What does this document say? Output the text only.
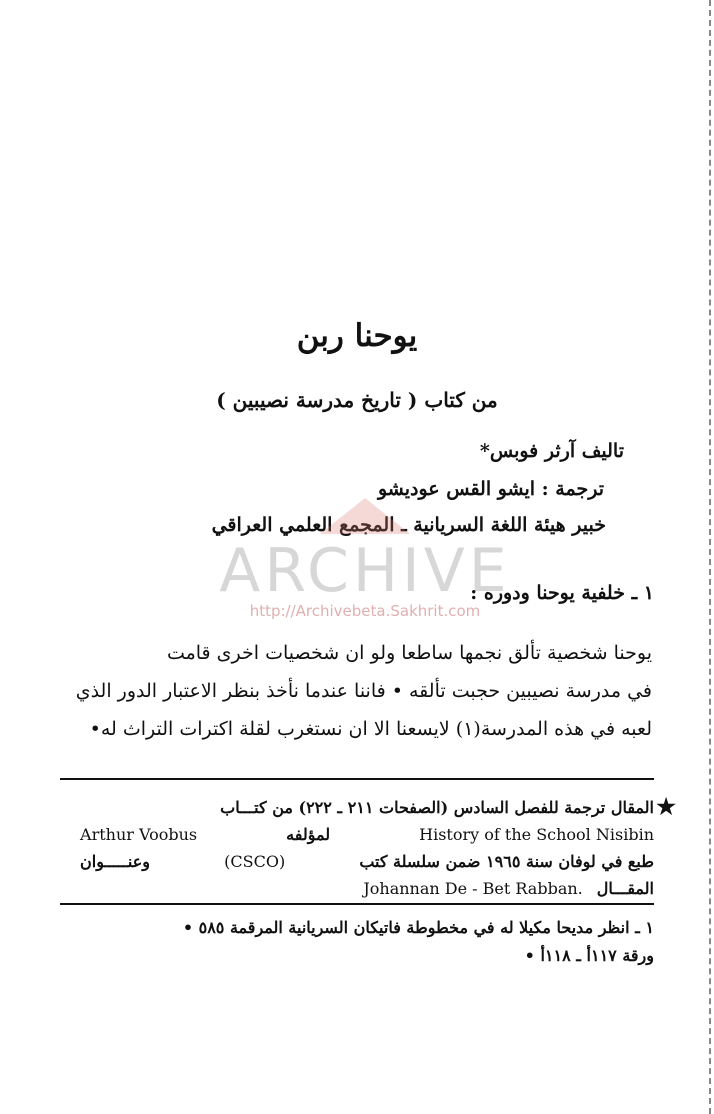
يوحنا ربن
من كتاب ( تاريخ مدرسة نصيبين )
تاليف آرثر فوبس*
ترجمة : ايشو القس عوديشو
خبير هيئة اللغة السريانية ـ المجمع العلمي العراقي
ARCHIVE
http://Archivebeta.Sakhrit.com
١ ـ خلفية يوحنا ودوره :

يوحنا شخصية تألق نجمها ساطعا ولو ان شخصيات اخرى قامت

في مدرسة نصيبين حجبت تألقه • فاننا عندما نأخذ بنظر الاعتبار الدور الذي

لعبه في هذه المدرسة(١) لايسعنا الا ان نستغرب لقلة اكترات التراث له•

★
المقال ترجمة للفصل السادس (الصفحات ٢١١ ـ ٢٢٢) من كتـــاب
History of the School Nisibin
لمؤلفه
Arthur Voobus
طبع في لوفان سنة ١٩٦٥ ضمن سلسلة كتب
(CSCO)
وعنـــــوان
المقـــال
Johannan De - Bet Rabban.
١ ـ انظر مديحا مكيلا له في مخطوطة فاتيكان السريانية المرقمة ٥٨٥ •
ورقة ١١٧أ ـ ١١٨أ •
